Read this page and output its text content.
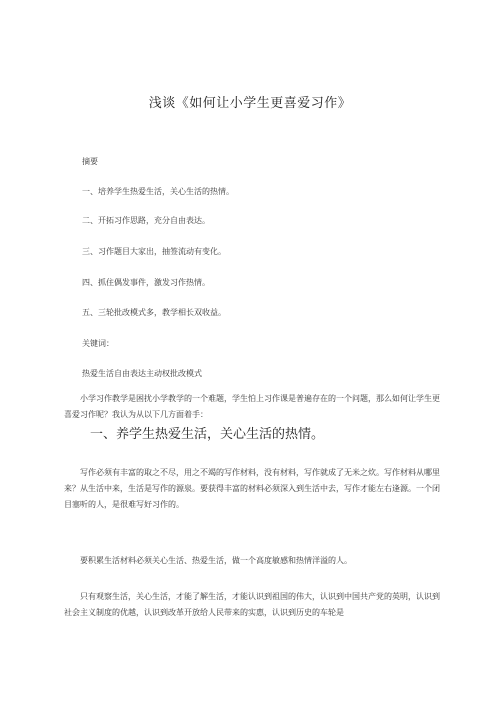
浅谈《如何让小学生更喜爱习作》
摘要
一、培养学生热爱生活，关心生活的热情。
二、开拓习作思路，充分自由表达。
三、习作题目大家出，抽签流动有变化。
四、抓住偶发事件，激发习作热情。
五、三轮批改模式多，教学相长双收益。
关键词：
热爱生活自由表达主动权批改模式
小学习作教学是困扰小学教学的一个难题，学生怕上习作课是普遍存在的一个问题，那么如何让学生更喜爱习作呢？我认为从以下几方面着手：
一、养学生热爱生活，关心生活的热情。
写作必须有丰富的取之不尽，用之不竭的写作材料，没有材料，写作就成了无米之炊。写作材料从哪里来？从生活中来，生活是写作的源泉。要获得丰富的材料必须深入到生活中去，写作才能左右逢源。一个闭目塞听的人，是很难写好习作的。
要积累生活材料必须关心生活、热爱生活，做一个高度敏感和热情洋溢的人。
只有观察生活，关心生活，才能了解生活，才能认识到祖国的伟大，认识到中国共产党的英明，认识到社会主义制度的优越，认识到改革开放给人民带来的实惠，认识到历史的车轮是
